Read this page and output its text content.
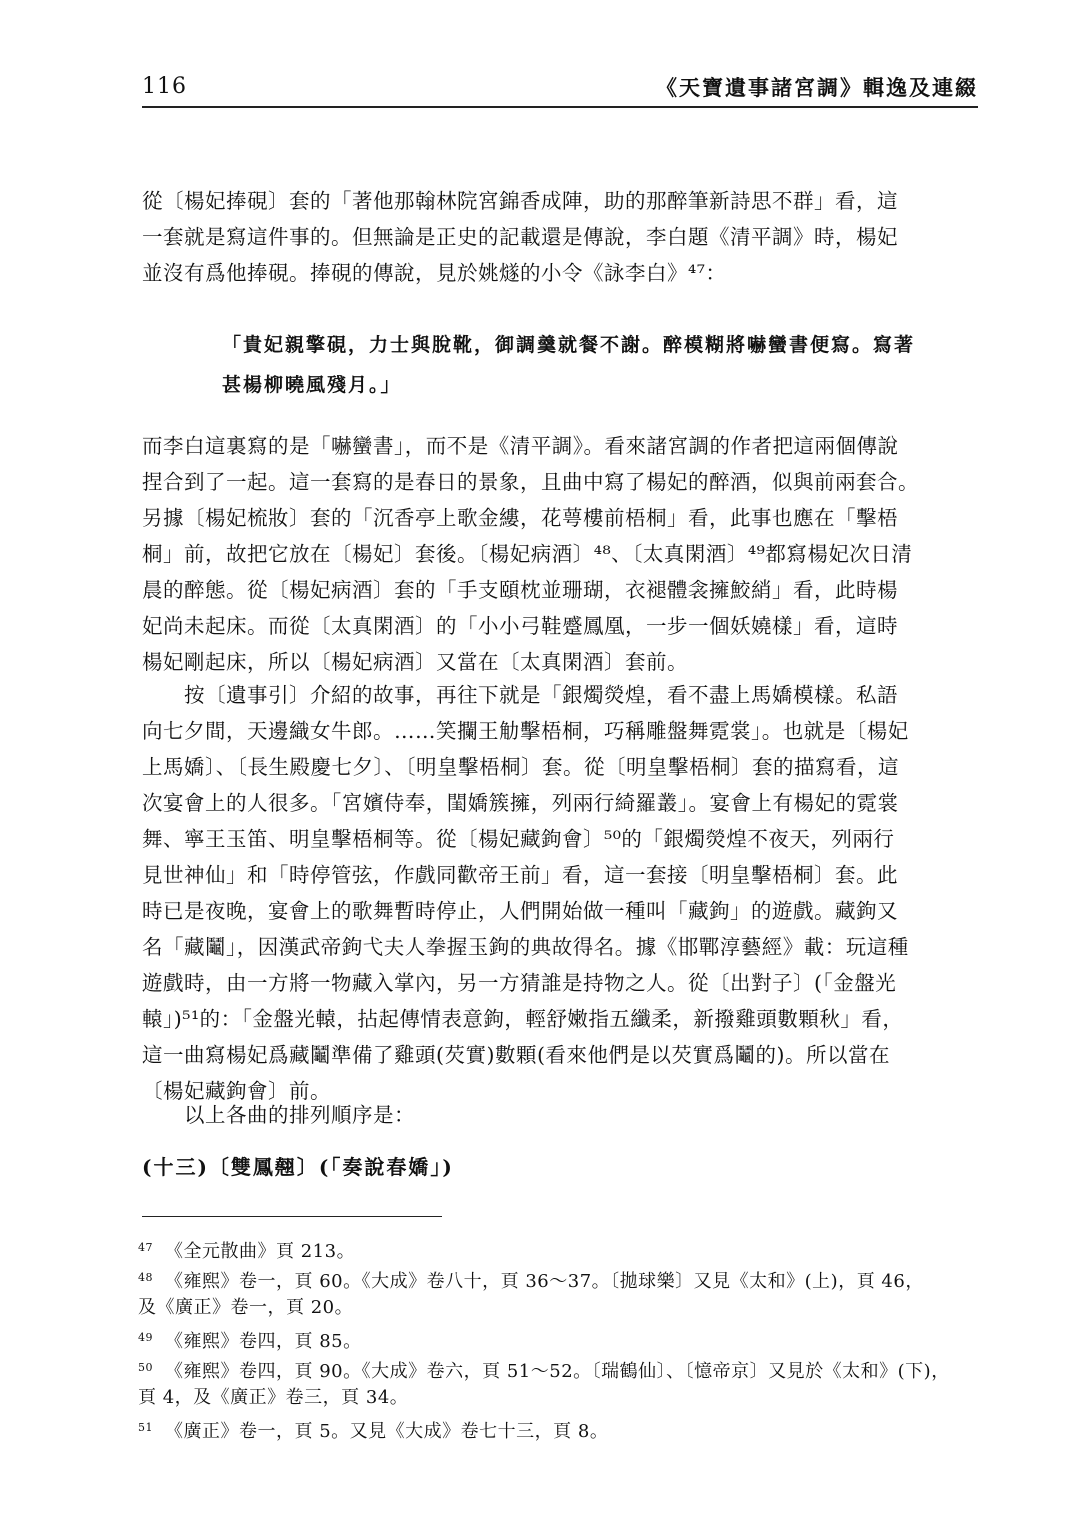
116	《天寶遺事諸宮調》輯逸及連綴
從〔楊妃捧硯〕套的「著他那翰林院宮錦香成陣，助的那醉筆新詩思不群」看，這
一套就是寫這件事的。但無論是正史的記載還是傳說，李白題《清平調》時，楊妃
並沒有爲他捧硯。捧硯的傳說，見於姚燧的小令《詠李白》⁴⁷：
「貴妃親擎硯，力士與脫靴，御調羹就餐不謝。醉模糊將嚇蠻書便寫。寫著
甚楊柳曉風殘月。」
而李白這裏寫的是「嚇蠻書」，而不是《清平調》。看來諸宮調的作者把這兩個傳說
捏合到了一起。這一套寫的是春日的景象，且曲中寫了楊妃的醉酒，似與前兩套合。
另據〔楊妃梳妝〕套的「沉香亭上歌金縷，花萼樓前梧桐」看，此事也應在「擊梧
桐」前，故把它放在〔楊妃〕套後。〔楊妃病酒〕⁴⁸、〔太真閑酒〕⁴⁹都寫楊妃次日清
晨的醉態。從〔楊妃病酒〕套的「手支頤枕並珊瑚，衣褪體衾擁鮫綃」看，此時楊
妃尚未起床。而從〔太真閑酒〕的「小小弓鞋蹙鳳凰，一步一個妖嬈樣」看，這時
楊妃剛起床，所以〔楊妃病酒〕又當在〔太真閑酒〕套前。
按〔遺事引〕介紹的故事，再往下就是「銀燭熒煌，看不盡上馬嬌模樣。私語
向七夕間，天邊織女牛郎。……笑攔王觔擊梧桐，巧稱雕盤舞霓裳」。也就是〔楊妃
上馬嬌〕、〔長生殿慶七夕〕、〔明皇擊梧桐〕套。從〔明皇擊梧桐〕套的描寫看，這
次宴會上的人很多。「宮嬪侍奉，閨嬌簇擁，列兩行綺羅叢」。宴會上有楊妃的霓裳
舞、寧王玉笛、明皇擊梧桐等。從〔楊妃藏鉤會〕⁵⁰的「銀燭熒煌不夜天，列兩行
見世神仙」和「時停管弦，作戲同歡帝王前」看，這一套接〔明皇擊梧桐〕套。此
時已是夜晚，宴會上的歌舞暫時停止，人們開始做一種叫「藏鉤」的遊戲。藏鉤又
名「藏鬮」，因漢武帝鉤弋夫人拳握玉鉤的典故得名。據《邯鄲淳藝經》載：玩這種
遊戲時，由一方將一物藏入掌內，另一方猜誰是持物之人。從〔出對子〕(「金盤光
轅」)⁵¹的：「金盤光轅，拈起傳情表意鉤，輕舒嫩指五纖柔，新撥雞頭數顆秋」看，
這一曲寫楊妃爲藏鬮準備了雞頭(芡實)數顆(看來他們是以芡實爲鬮的)。所以當在
〔楊妃藏鉤會〕前。
以上各曲的排列順序是：
(十三)〔雙鳳翹〕(「奏說春嬌」)
$^{47}$ 《全元散曲》頁 213。
$^{48}$ 《雍熙》卷一，頁 60。《大成》卷八十，頁 36～37。〔拋球樂〕又見《太和》(上)，頁 46，
及《廣正》卷一，頁 20。
$^{49}$ 《雍熙》卷四，頁 85。
$^{50}$ 《雍熙》卷四，頁 90。《大成》卷六，頁 51～52。〔瑞鶴仙〕、〔憶帝京〕又見於《太和》(下)，
頁 4，及《廣正》卷三，頁 34。
$^{51}$ 《廣正》卷一，頁 5。又見《大成》卷七十三，頁 8。
